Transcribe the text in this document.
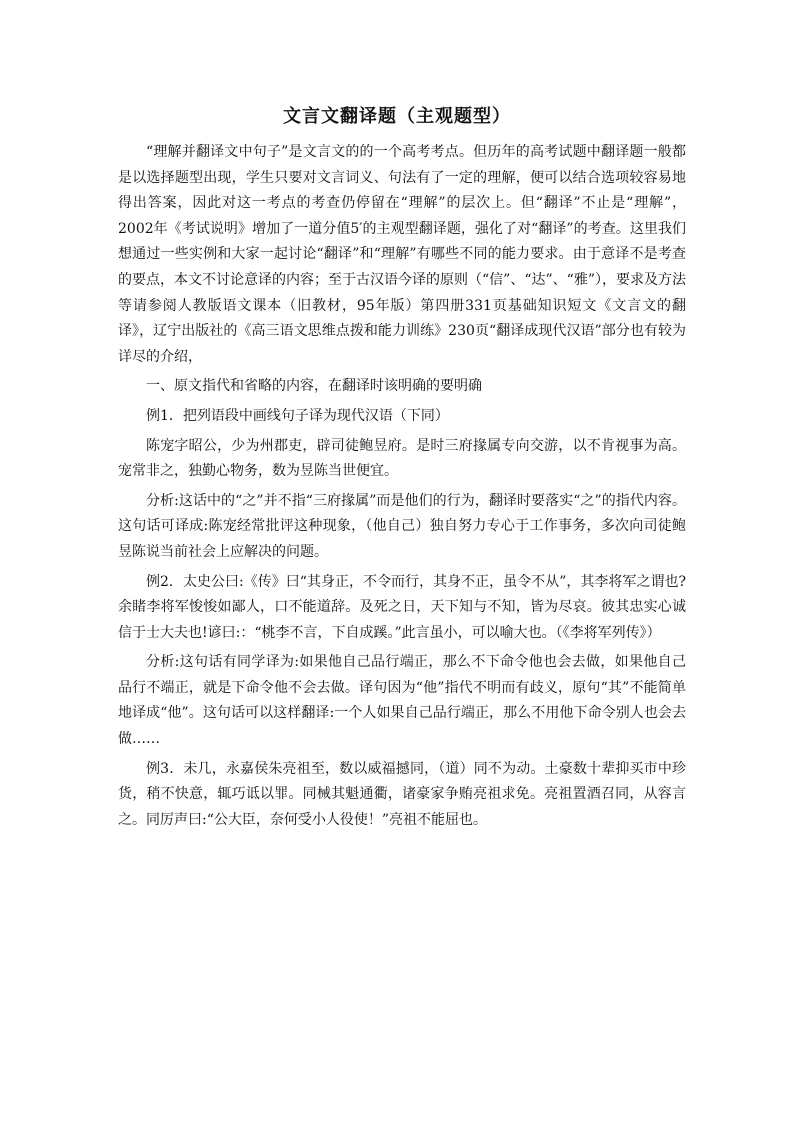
文言文翻译题（主观题型）

“理解并翻译文中句子”是文言文的的一个高考考点。但历年的高考试题中翻译题一般都是以选择题型出现，学生只要对文言词义、句法有了一定的理解，便可以结合选项较容易地得出答案，因此对这一考点的考查仍停留在“理解”的层次上。但“翻译”不止是“理解”，2002年《考试说明》增加了一道分值5′的主观型翻译题，强化了对“翻译”的考查。这里我们想通过一些实例和大家一起讨论“翻译”和“理解”有哪些不同的能力要求。由于意译不是考查的要点，本文不讨论意译的内容；至于古汉语今译的原则（“信”、“达”、“雅”），要求及方法等请参阅人教版语文课本（旧教材，95年版）第四册331页基础知识短文《文言文的翻译》，辽宁出版社的《高三语文思维点拨和能力训练》230页“翻译成现代汉语”部分也有较为详尽的介绍，

一、原文指代和省略的内容，在翻译时该明确的要明确

例1．把列语段中画线句子译为现代汉语（下同）

陈宠字昭公，少为州郡吏，辟司徒鲍昱府。是时三府掾属专向交游，以不肯视事为高。宠常非之，独勤心物务，数为昱陈当世便宜。

分析:这话中的“之”并不指“三府掾属”而是他们的行为，翻译时要落实“之”的指代内容。这句话可译成:陈宠经常批评这种现象，（他自己）独自努力专心于工作事务，多次向司徒鲍昱陈说当前社会上应解决的问题。

例2．太史公曰:《传》曰“其身正，不令而行，其身不正，虽令不从”，其李将军之谓也?余睹李将军悛悛如鄙人，口不能道辞。及死之日，天下知与不知，皆为尽哀。彼其忠实心诚信于士大夫也!谚曰:：“桃李不言，下自成蹊。”此言虽小，可以喻大也。（《李将军列传》）

分析:这句话有同学译为:如果他自己品行端正，那么不下命令他也会去做，如果他自己品行不端正，就是下命令他不会去做。译句因为“他”指代不明而有歧义，原句“其”不能简单地译成“他”。这句话可以这样翻译:一个人如果自己品行端正，那么不用他下命令别人也会去做……

例3．未几，永嘉侯朱亮祖至，数以威福撼同，（道）同不为动。土豪数十辈抑买市中珍货，稍不快意，辄巧诋以罪。同械其魁通衢，诸豪家争贿亮祖求免。亮祖置酒召同，从容言之。同厉声曰:“公大臣，奈何受小人役使！”亮祖不能屈也。
